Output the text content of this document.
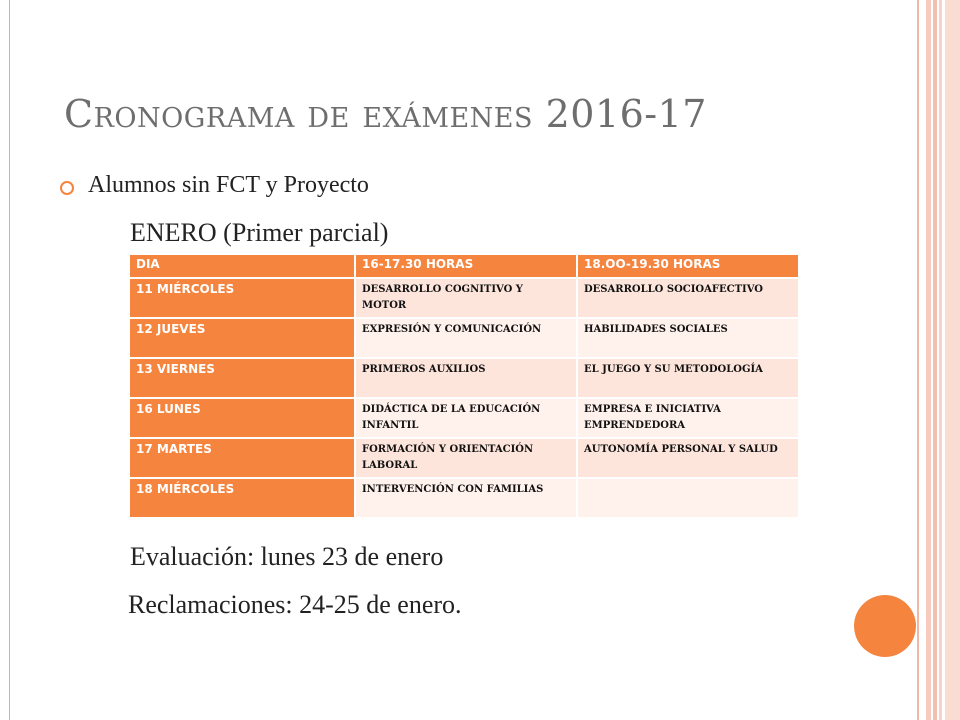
Cronograma de exámenes 2016-17
Alumnos sin FCT y Proyecto
ENERO (Primer parcial)
DIA	16-17.30 HORAS	18.OO-19.30 HORAS
11 MIÉRCOLES	DESARROLLO COGNITIVO Y MOTOR	DESARROLLO SOCIOAFECTIVO
12 JUEVES	EXPRESIÓN Y COMUNICACIÓN	HABILIDADES SOCIALES
13 VIERNES	PRIMEROS AUXILIOS	EL JUEGO Y SU METODOLOGÍA
16 LUNES	DIDÁCTICA DE LA EDUCACIÓN INFANTIL	EMPRESA E INICIATIVA EMPRENDEDORA
17 MARTES	FORMACIÓN Y ORIENTACIÓN LABORAL	AUTONOMÍA PERSONAL Y SALUD
18 MIÉRCOLES	INTERVENCIÓN CON FAMILIAS	
Evaluación: lunes 23 de enero
Reclamaciones: 24-25 de enero.
